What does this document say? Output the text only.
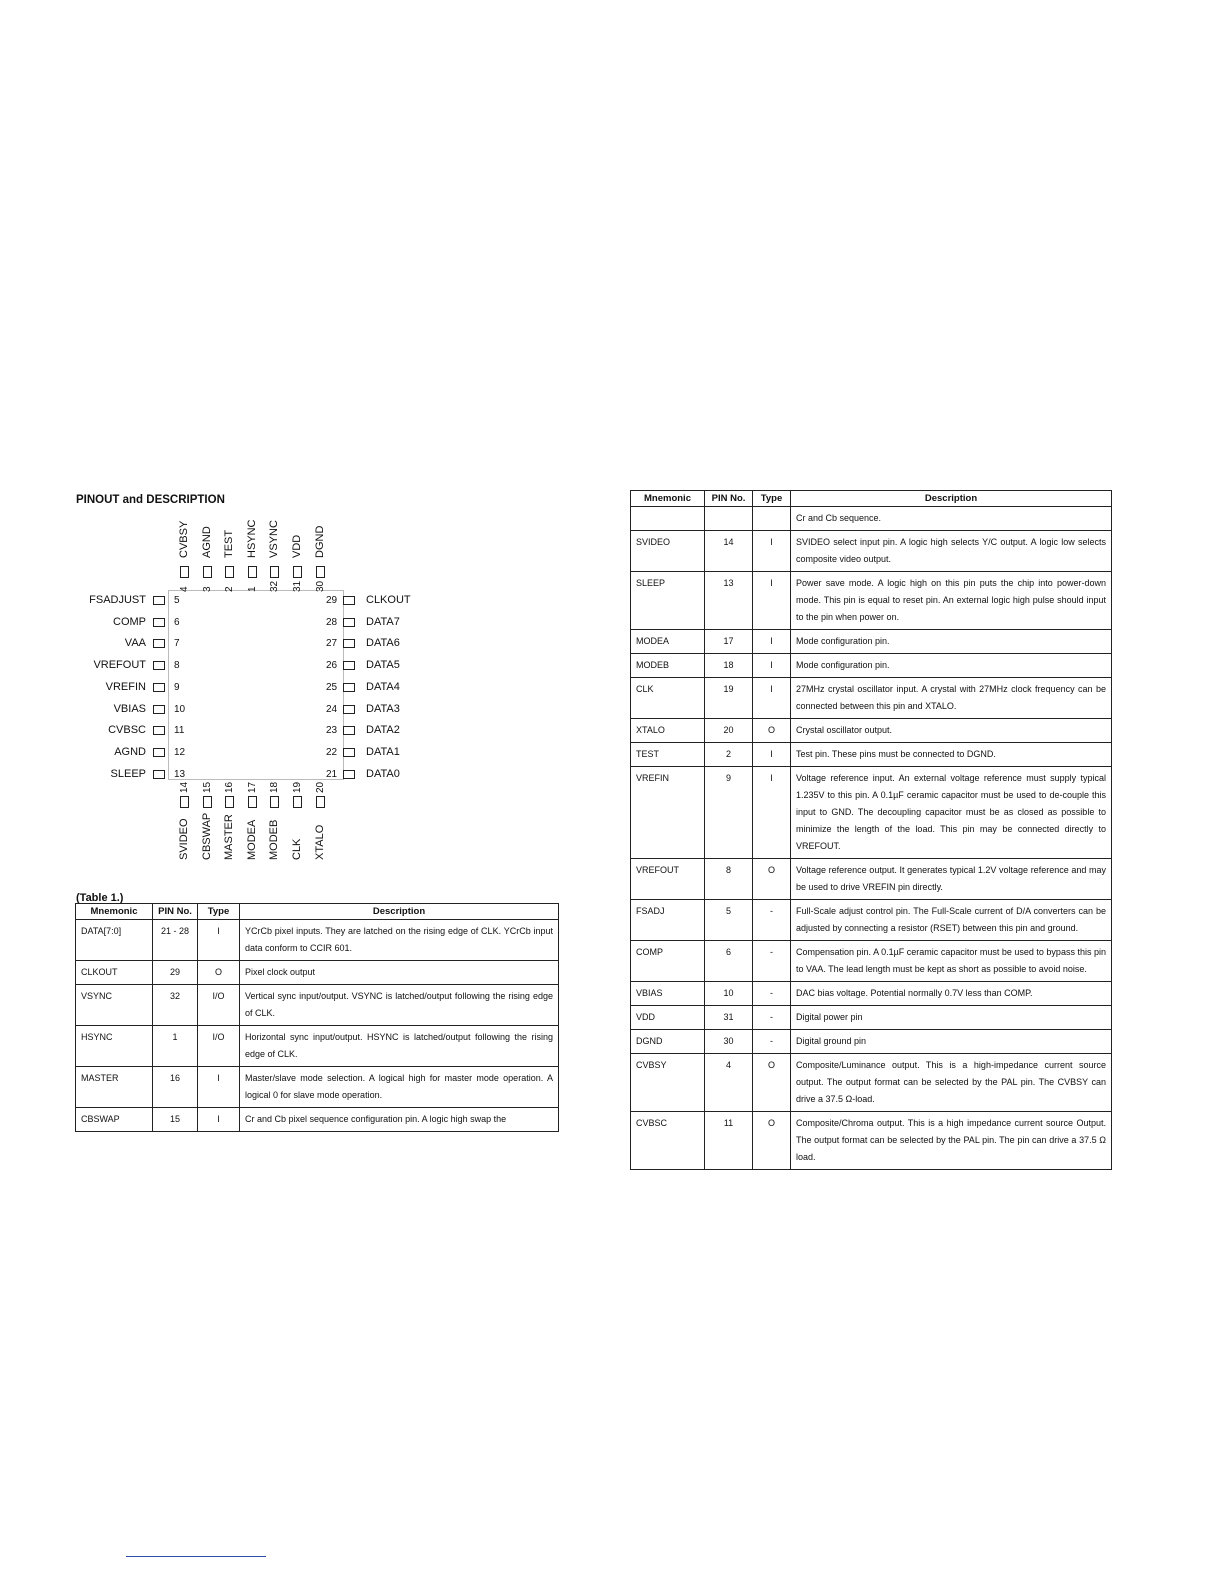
PINOUT and DESCRIPTION
FSADJUST	5
COMP	6
VAA	7
VREFOUT	8
VREFIN	9
VBIAS	10
CVBSC	11
AGND	12
SLEEP	13
29	CLKOUT
28	DATA7
27	DATA6
26	DATA5
25	DATA4
24	DATA3
23	DATA2
22	DATA1
21	DATA0
CVBSY
4
AGND
3
TEST
2
HSYNC
1
VSYNC
32
VDD
31
DGND
30
14
SVIDEO
15
CBSWAP
16
MASTER
17
MODEA
18
MODEB
19
CLK
20
XTALO
(Table 1.)
Mnemonic	PIN No.	Type	Description
DATA[7:0]	21 - 28	I	YCrCb pixel inputs. They are latched on the rising edge of CLK. YCrCb input data conform to CCIR 601.
CLKOUT	29	O	Pixel clock output
VSYNC	32	I/O	Vertical sync input/output. VSYNC is latched/output following the rising edge of CLK.
HSYNC	1	I/O	Horizontal sync input/output. HSYNC is latched/output following the rising edge of CLK.
MASTER	16	I	Master/slave mode selection. A logical high for master mode operation. A logical 0 for slave mode operation.
CBSWAP	15	I	Cr and Cb pixel sequence configuration pin. A logic high swap the
Mnemonic	PIN No.	Type	Description
			Cr and Cb sequence.
SVIDEO	14	I	SVIDEO select input pin. A logic high selects Y/C output. A logic low selects composite video output.
SLEEP	13	I	Power save mode. A logic high on this pin puts the chip into power-down mode. This pin is equal to reset pin. An external logic high pulse should input to the pin when power on.
MODEA	17	I	Mode configuration pin.
MODEB	18	I	Mode configuration pin.
CLK	19	I	27MHz crystal oscillator input. A crystal with 27MHz clock frequency can be connected between this pin and XTALO.
XTALO	20	O	Crystal oscillator output.
TEST	2	I	Test pin. These pins must be connected to DGND.
VREFIN	9	I	Voltage reference input. An external voltage reference must supply typical 1.235V to this pin. A 0.1µF ceramic capacitor must be used to de-couple this input to GND. The decoupling capacitor must be as closed as possible to minimize the length of the load. This pin may be connected directly to VREFOUT.
VREFOUT	8	O	Voltage reference output. It generates typical 1.2V voltage reference and may be used to drive VREFIN pin directly.
FSADJ	5	-	Full-Scale adjust control pin. The Full-Scale current of D/A converters can be adjusted by connecting a resistor (RSET) between this pin and ground.
COMP	6	-	Compensation pin. A 0.1µF ceramic capacitor must be used to bypass this pin to VAA. The lead length must be kept as short as possible to avoid noise.
VBIAS	10	-	DAC bias voltage. Potential normally 0.7V less than COMP.
VDD	31	-	Digital power pin
DGND	30	-	Digital ground pin
CVBSY	4	O	Composite/Luminance output. This is a high-impedance current source output. The output format can be selected by the PAL pin. The CVBSY can drive a 37.5 Ω-load.
CVBSC	11	O	Composite/Chroma output. This is a high impedance current source Output. The output format can be selected by the PAL pin. The pin can drive a 37.5 Ω load.
